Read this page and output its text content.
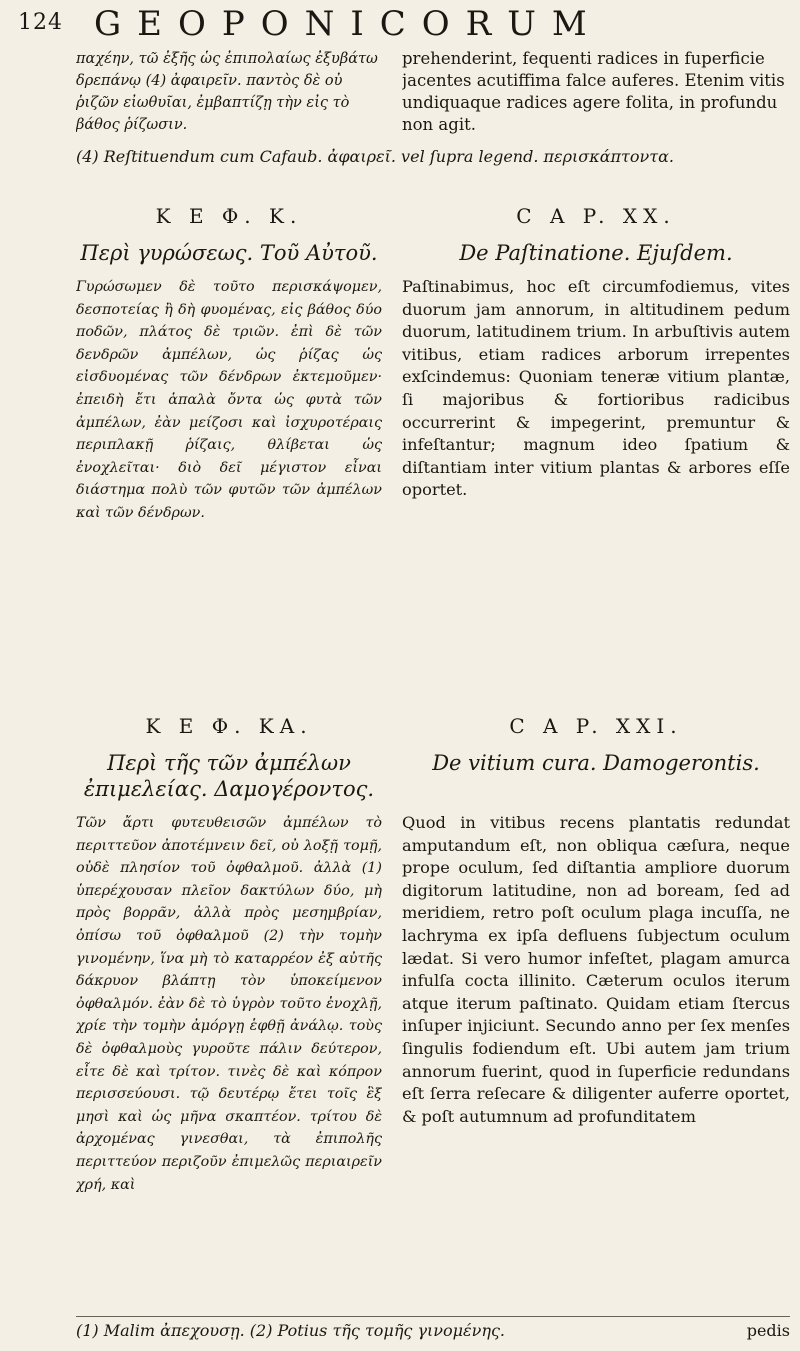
124 GEOPONICORUM
παχέην, τῶ ἐξῆς ὡς ἐπιπολαίως ἐξυβάτω δρεπάνῳ (4) ἀφαιρεῖν. παντὸς δὲ οὐ ῥιζῶν εἰωθυῖαι, ἐμβαπτίζῃ τὴν εἰς τὸ βάθος ῥίζωσιν.
prehenderint, fequenti radices in fuperficie jacentes acutiffima falce auferes. Etenim vitis undiquaque radices agere folita, in profundu non agit.
(4) Reſtituendum cum Cafaub. ἀφαιρεῖ. vel ſupra legend. περισκάπτοντα.
Κ Ε Φ. Κ.	C A P. XX.
Περὶ γυρώσεως. Τοῦ Αὐτοῦ.	De Paſtinatione. Ejuſdem.
Γυρώσωμεν δὲ τοῦτο περισκάψομεν, δεσποτείας ἢ δὴ φυομένας, εἰς βάθος δύο ποδῶν, πλάτος δὲ τριῶν. ἐπὶ δὲ τῶν δενδρῶν ἀμπέλων, ὡς ῥίζας ὡς εἰσδυομένας τῶν δένδρων ἐκτεμοῦμεν· ἐπειδὴ ἔτι ἁπαλὰ ὄντα ὡς φυτὰ τῶν ἀμπέλων, ἐὰν μείζοσι καὶ ἰσχυροτέραις περιπλακῇ ῥίζαις, θλίβεται ὡς ἐνοχλεῖται· διὸ δεῖ μέγιστον εἶναι διάστημα πολὺ τῶν φυτῶν τῶν ἀμπέλων καὶ τῶν δένδρων.
Paſtinabimus, hoc eſt circumfodiemus, vites duorum jam annorum, in altitudinem pedum duorum, latitudinem trium. In arbuſtivis autem vitibus, etiam radices arborum irrepentes exſcindemus: Quoniam teneræ vitium plantæ, ſi majoribus & fortioribus radicibus occurrerint & impegerint, premuntur & infeſtantur; magnum ideo ſpatium & diſtantiam inter vitium plantas & arbores eſſe oportet.
Κ Ε Φ. ΚΑ.	C A P. XXI.
Περὶ τῆς τῶν ἀμπέλων ἐπιμελείας. Δαμογέροντος.
De vitium cura. Damogerontis.
Τῶν ἄρτι φυτευθεισῶν ἀμπέλων τὸ περιττεῦον ἀποτέμνειν δεῖ, οὐ λοξῇ τομῇ, οὐδὲ πλησίον τοῦ ὀφθαλμοῦ. ἀλλὰ (1) ὑπερέχουσαν πλεῖον δακτύλων δύο, μὴ πρὸς βορρᾶν, ἀλλὰ πρὸς μεσημβρίαν, ὀπίσω τοῦ ὀφθαλμοῦ (2) τὴν τομὴν γινομένην, ἵνα μὴ τὸ καταρρέον ἐξ αὐτῆς δάκρυον βλάπτῃ τὸν ὑποκείμενον ὀφθαλμόν. ἐὰν δὲ τὸ ὑγρὸν τοῦτο ἐνοχλῇ, χρίε τὴν τομὴν ἀμόργῃ ἑφθῇ ἀνάλῳ. τοὺς δὲ ὀφθαλμοὺς γυροῦτε πάλιν δεύτερον, εἶτε δὲ καὶ τρίτον. τινὲς δὲ καὶ κόπρον περισσεύουσι. τῷ δευτέρῳ ἔτει τοῖς ἓξ μησὶ καὶ ὡς μῆνα σκαπτέον. τρίτου δὲ ἀρχομένας γινεσθαι, τὰ ἐπιπολῆς περιττεύον περιζοῦν ἐπιμελῶς περιαιρεῖν χρή, καὶ
Quod in vitibus recens plantatis redundat amputandum eſt, non obliqua cæſura, neque prope oculum, ſed diſtantia ampliore duorum digitorum latitudine, non ad boream, ſed ad meridiem, retro poſt oculum plaga incuſſa, ne lachryma ex ipſa defluens ſubjectum oculum lædat. Si vero humor infeſtet, plagam amurca infulſa cocta illinito. Cæterum oculos iterum atque iterum paſtinato. Quidam etiam ſtercus inſuper injiciunt. Secundo anno per ſex menſes ſingulis fodiendum eſt. Ubi autem jam trium annorum fuerint, quod in ſuperficie redundans eſt ſerra reſecare & diligenter auferre oportet, & poſt autumnum ad profunditatem
(1) Malim ἀπεχουσῃ. (2) Potius τῆς τομῆς γινομένης.	pedis
